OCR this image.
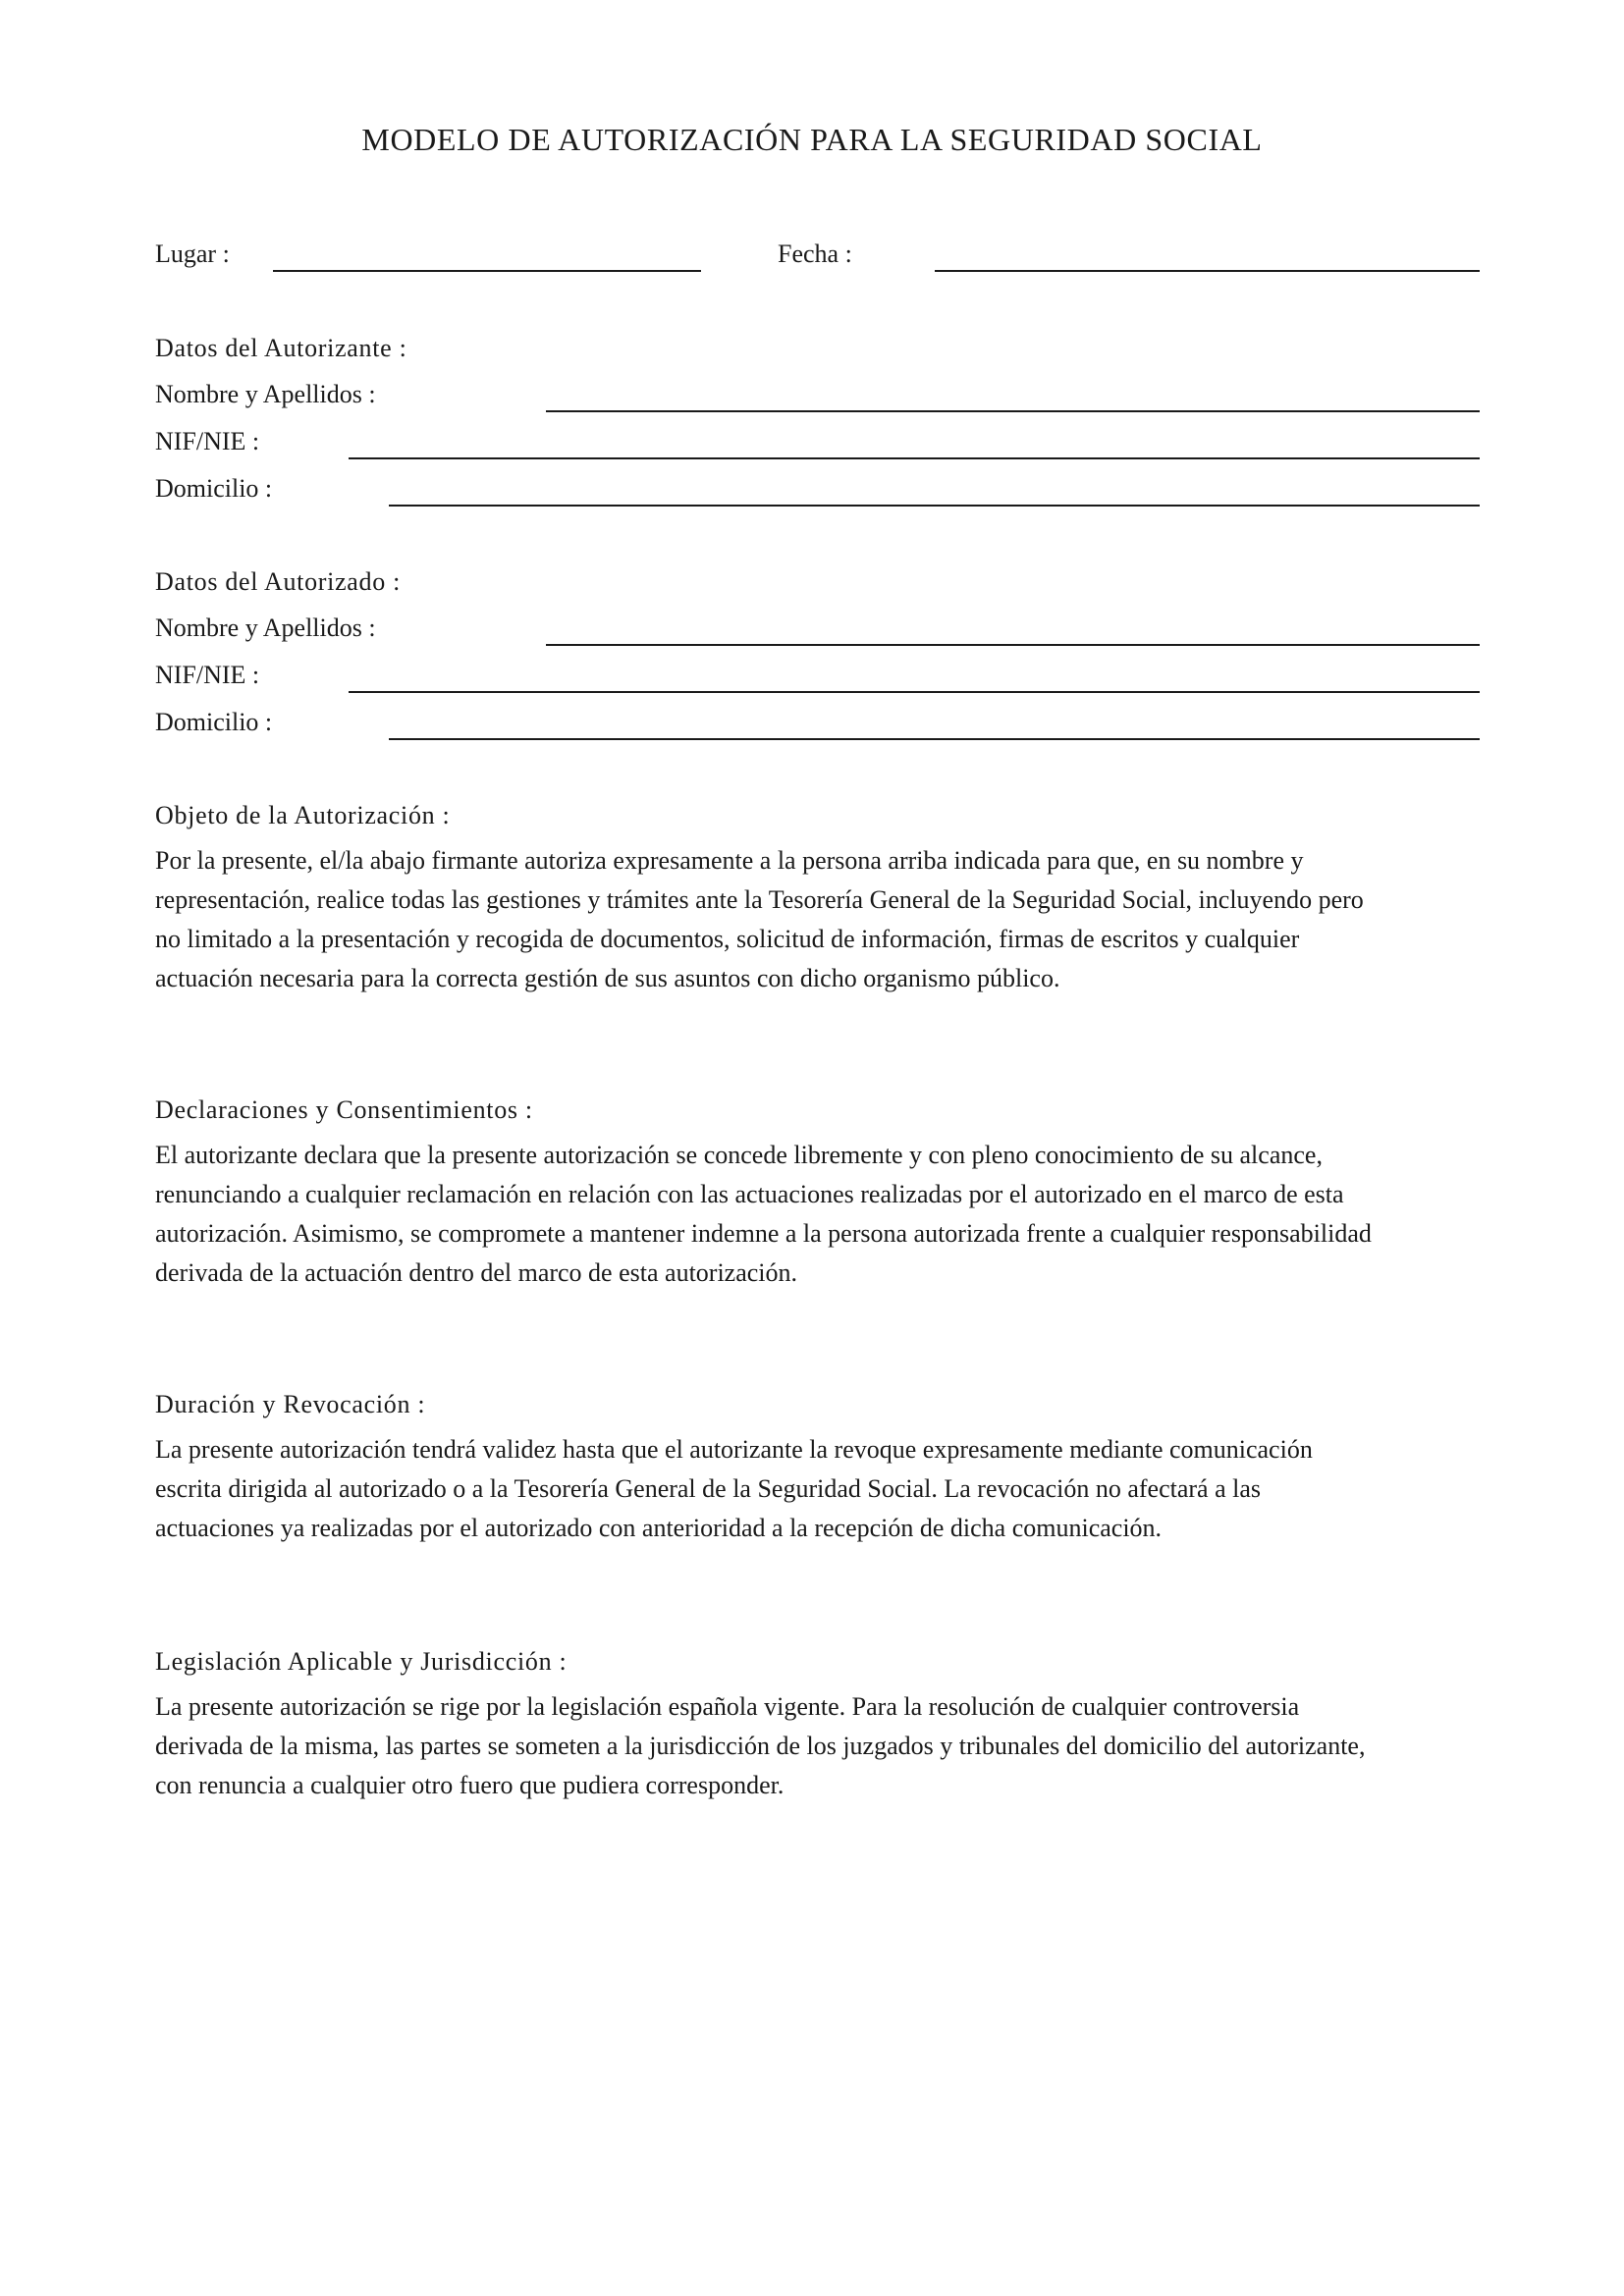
MODELO DE AUTORIZACIÓN PARA LA SEGURIDAD SOCIAL
Lugar :	Fecha :
Datos del Autorizante :
Nombre y Apellidos :
NIF/NIE :
Domicilio :
Datos del Autorizado :
Nombre y Apellidos :
NIF/NIE :
Domicilio :
Objeto de la Autorización :
Por la presente, el/la abajo firmante autoriza expresamente a la persona arriba indicada para que, en su nombre y
representación, realice todas las gestiones y trámites ante la Tesorería General de la Seguridad Social, incluyendo pero
no limitado a la presentación y recogida de documentos, solicitud de información, firmas de escritos y cualquier
actuación necesaria para la correcta gestión de sus asuntos con dicho organismo público.
Declaraciones y Consentimientos :
El autorizante declara que la presente autorización se concede libremente y con pleno conocimiento de su alcance,
renunciando a cualquier reclamación en relación con las actuaciones realizadas por el autorizado en el marco de esta
autorización. Asimismo, se compromete a mantener indemne a la persona autorizada frente a cualquier responsabilidad
derivada de la actuación dentro del marco de esta autorización.
Duración y Revocación :
La presente autorización tendrá validez hasta que el autorizante la revoque expresamente mediante comunicación
escrita dirigida al autorizado o a la Tesorería General de la Seguridad Social. La revocación no afectará a las
actuaciones ya realizadas por el autorizado con anterioridad a la recepción de dicha comunicación.
Legislación Aplicable y Jurisdicción :
La presente autorización se rige por la legislación española vigente. Para la resolución de cualquier controversia
derivada de la misma, las partes se someten a la jurisdicción de los juzgados y tribunales del domicilio del autorizante,
con renuncia a cualquier otro fuero que pudiera corresponder.
